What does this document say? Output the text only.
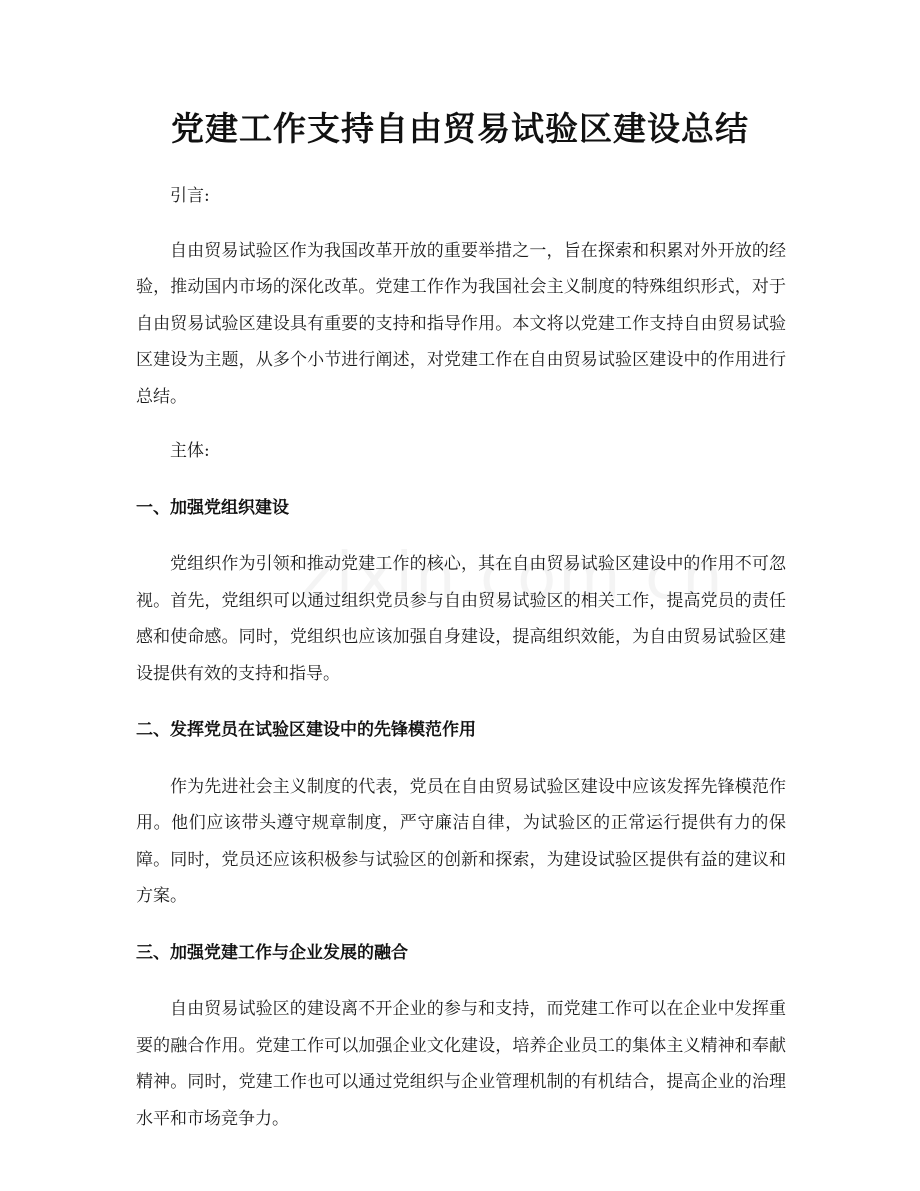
党建工作支持自由贸易试验区建设总结

引言:

自由贸易试验区作为我国改革开放的重要举措之一，旨在探索和积累对外开放的经验，推动国内市场的深化改革。党建工作作为我国社会主义制度的特殊组织形式，对于自由贸易试验区建设具有重要的支持和指导作用。本文将以党建工作支持自由贸易试验区建设为主题，从多个小节进行阐述，对党建工作在自由贸易试验区建设中的作用进行总结。

主体:

一、加强党组织建设

党组织作为引领和推动党建工作的核心，其在自由贸易试验区建设中的作用不可忽视。首先，党组织可以通过组织党员参与自由贸易试验区的相关工作，提高党员的责任感和使命感。同时，党组织也应该加强自身建设，提高组织效能，为自由贸易试验区建设提供有效的支持和指导。

二、发挥党员在试验区建设中的先锋模范作用

作为先进社会主义制度的代表，党员在自由贸易试验区建设中应该发挥先锋模范作用。他们应该带头遵守规章制度，严守廉洁自律，为试验区的正常运行提供有力的保障。同时，党员还应该积极参与试验区的创新和探索，为建设试验区提供有益的建议和方案。

三、加强党建工作与企业发展的融合

自由贸易试验区的建设离不开企业的参与和支持，而党建工作可以在企业中发挥重要的融合作用。党建工作可以加强企业文化建设，培养企业员工的集体主义精神和奉献精神。同时，党建工作也可以通过党组织与企业管理机制的有机结合，提高企业的治理水平和市场竞争力。
